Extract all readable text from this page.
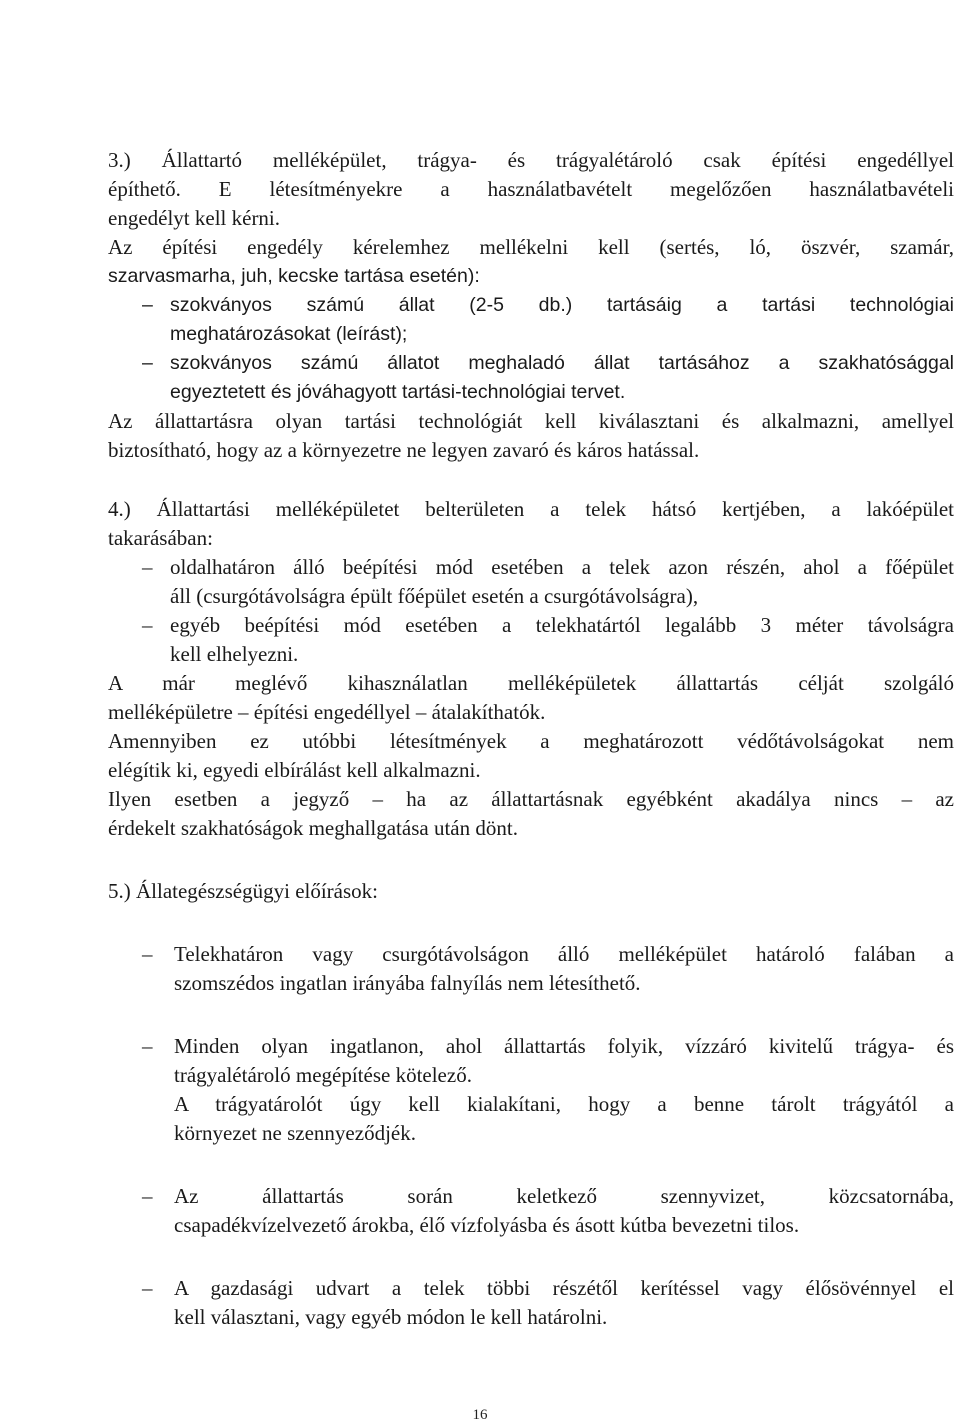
3.) Állattartó melléképület, trágya- és trágyalétároló csak építési engedéllyel

építhető. E létesítményekre a használatbavételt megelőzően használatbavételi

engedélyt kell kérni.

Az építési engedély kérelemhez mellékelni kell (sertés, ló, öszvér, szamár,

szarvasmarha, juh, kecske tartása esetén):

– szokványos számú állat (2-5 db.) tartásáig a tartási technológiai

meghatározásokat (leírást);

– szokványos számú állatot meghaladó állat tartásához a szakhatósággal

egyeztetett és jóváhagyott tartási-technológiai tervet.

Az állattartásra olyan tartási technológiát kell kiválasztani és alkalmazni, amellyel

biztosítható, hogy az a környezetre ne legyen zavaró és káros hatással.

4.) Állattartási melléképületet belterületen a telek hátsó kertjében, a lakóépület

takarásában:

– oldalhatáron álló beépítési mód esetében a telek azon részén, ahol a főépület

áll (csurgótávolságra épült főépület esetén a csurgótávolságra),

– egyéb beépítési mód esetében a telekhatártól legalább 3 méter távolságra

kell elhelyezni.

A már meglévő kihasználatlan melléképületek állattartás célját szolgáló

melléképületre – építési engedéllyel – átalakíthatók.

Amennyiben ez utóbbi létesítmények a meghatározott védőtávolságokat nem

elégítik ki, egyedi elbírálást kell alkalmazni.

Ilyen esetben a jegyző – ha az állattartásnak egyébként akadálya nincs – az

érdekelt szakhatóságok meghallgatása után dönt.

5.) Állategészségügyi előírások:

– Telekhatáron vagy csurgótávolságon álló melléképület határoló falában a

szomszédos ingatlan irányába falnyílás nem létesíthető.

– Minden olyan ingatlanon, ahol állattartás folyik, vízzáró kivitelű trágya- és

trágyalétároló megépítése kötelező.

A trágyatárolót úgy kell kialakítani, hogy a benne tárolt trágyától a

környezet ne szennyeződjék.

– Az állattartás során keletkező szennyvizet, közcsatornába,

csapadékvízelvezető árokba, élő vízfolyásba és ásott kútba bevezetni tilos.

– A gazdasági udvart a telek többi részétől kerítéssel vagy élősövénnyel el

kell választani, vagy egyéb módon le kell határolni.

16
